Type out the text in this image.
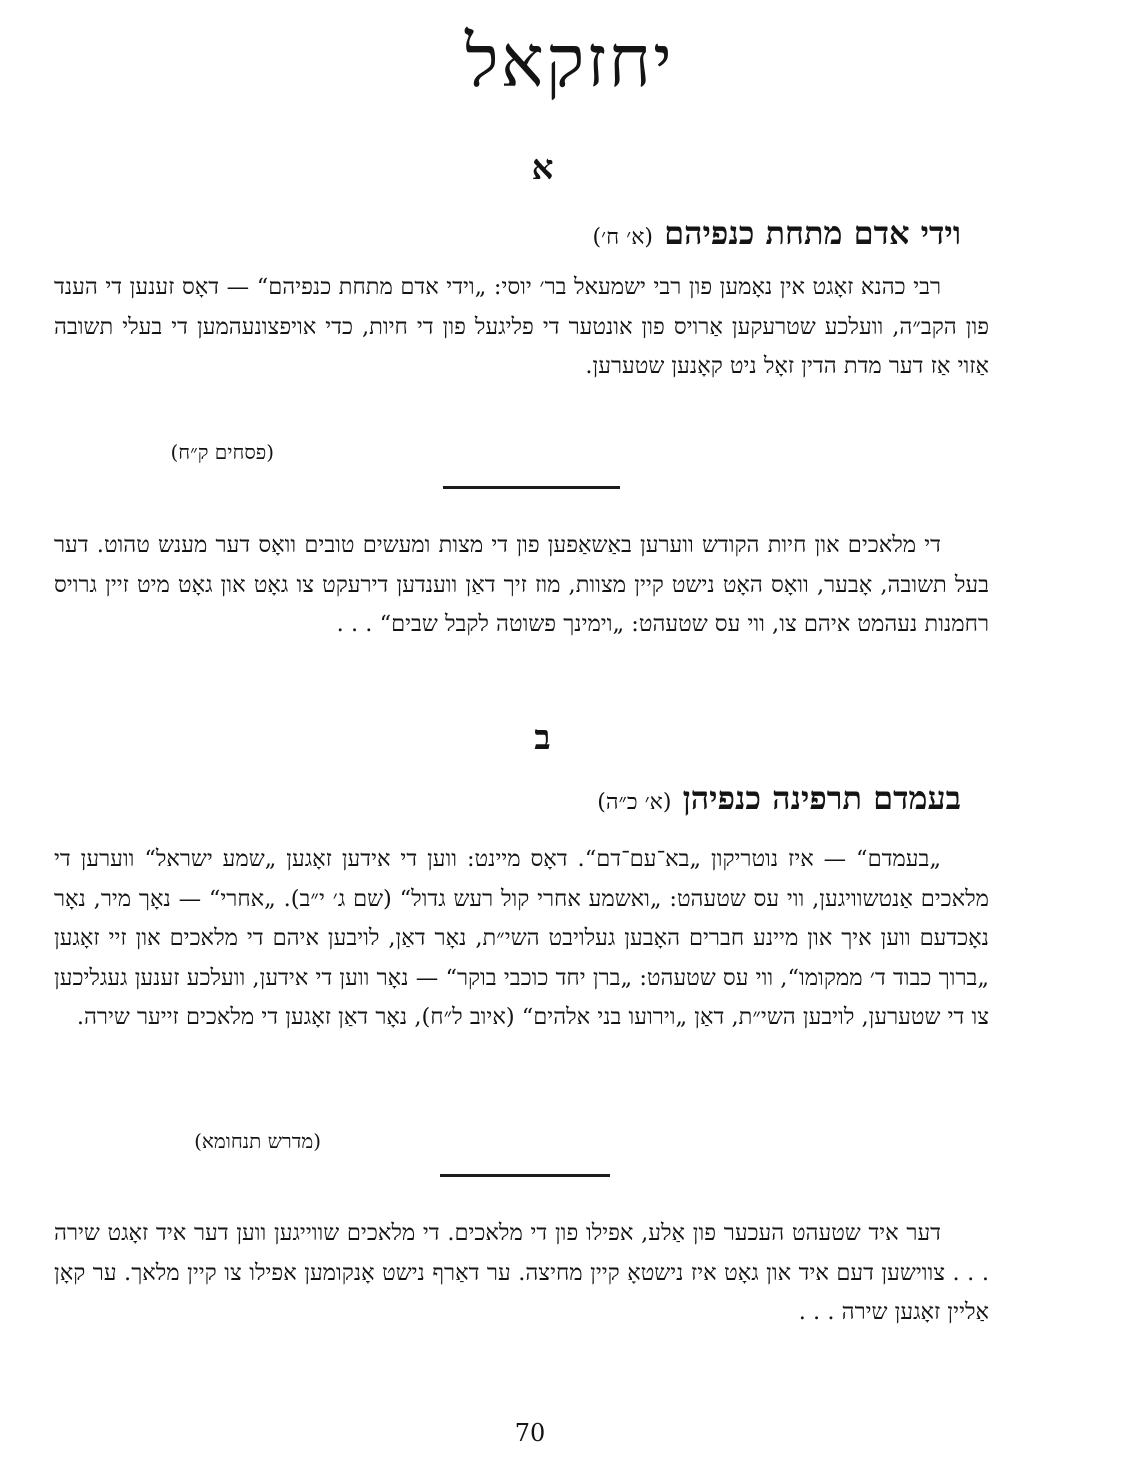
יחזקאל
א
וידי אדם מתחת כנפיהם (א׳ ח׳)

רבי כהנא זאָגט אין נאָמען פון רבי ישמעאל בר׳ יוסי: „וידי אדם מתחת כנפיהם“ — דאָס זענען די הענד פון הקב״ה, וועלכע שטרעקען אַרויס פון אונטער די פליגעל פון די חיות, כדי אויפצונעהמען די בעלי תשובה אַזוי אַז דער מדת הדין זאָל ניט קאָנען שטערען.

(פסחים ק״ח)

די מלאכים און חיות הקודש ווערען באַשאַפען פון די מצות ומעשים טובים וואָס דער מענש טהוט. דער בעל תשובה, אָבער, וואָס האָט נישט קיין מצוות, מוז זיך דאַן ווענדען דירעקט צו גאָט און גאָט מיט זיין גרויס רחמנות נעהמט איהם צו, ווי עס שטעהט: „וימינך פשוטה לקבל שבים“ . . .

ב
בעמדם תרפינה כנפיהן (א׳ כ״ה)

„בעמדם“ — איז נוטריקון „בא־עם־דם“. דאָס מיינט: ווען די אידען זאָגען „שמע ישראל“ ווערען די מלאכים אַנטשוויגען, ווי עס שטעהט: „ואשמע אחרי קול רעש גדול“ (שם ג׳ י״ב). „אחרי“ — נאָך מיר, נאָר נאָכדעם ווען איך און מיינע חברים האָבען געלויבט השי״ת, נאָר דאַן, לויבען איהם די מלאכים און זיי זאָגען „ברוך כבוד ד׳ ממקומו“, ווי עס שטעהט: „ברן יחד כוכבי בוקר“ — נאָר ווען די אידען, וועלכע זענען געגליכען צו די שטערען, לויבען השי״ת, דאַן „וירועו בני אלהים“ (איוב ל״ח), נאָר דאַן זאָגען די מלאכים זייער שירה.

(מדרש תנחומא)

דער איד שטעהט העכער פון אַלע, אפילו פון די מלאכים. די מלאכים שווייגען ווען דער איד זאָגט שירה . . . צווישען דעם איד און גאָט איז נישטאָ קיין מחיצה. ער דאַרף נישט אָנקומען אפילו צו קיין מלאך. ער קאָן אַליין זאָגען שירה . . .

70
